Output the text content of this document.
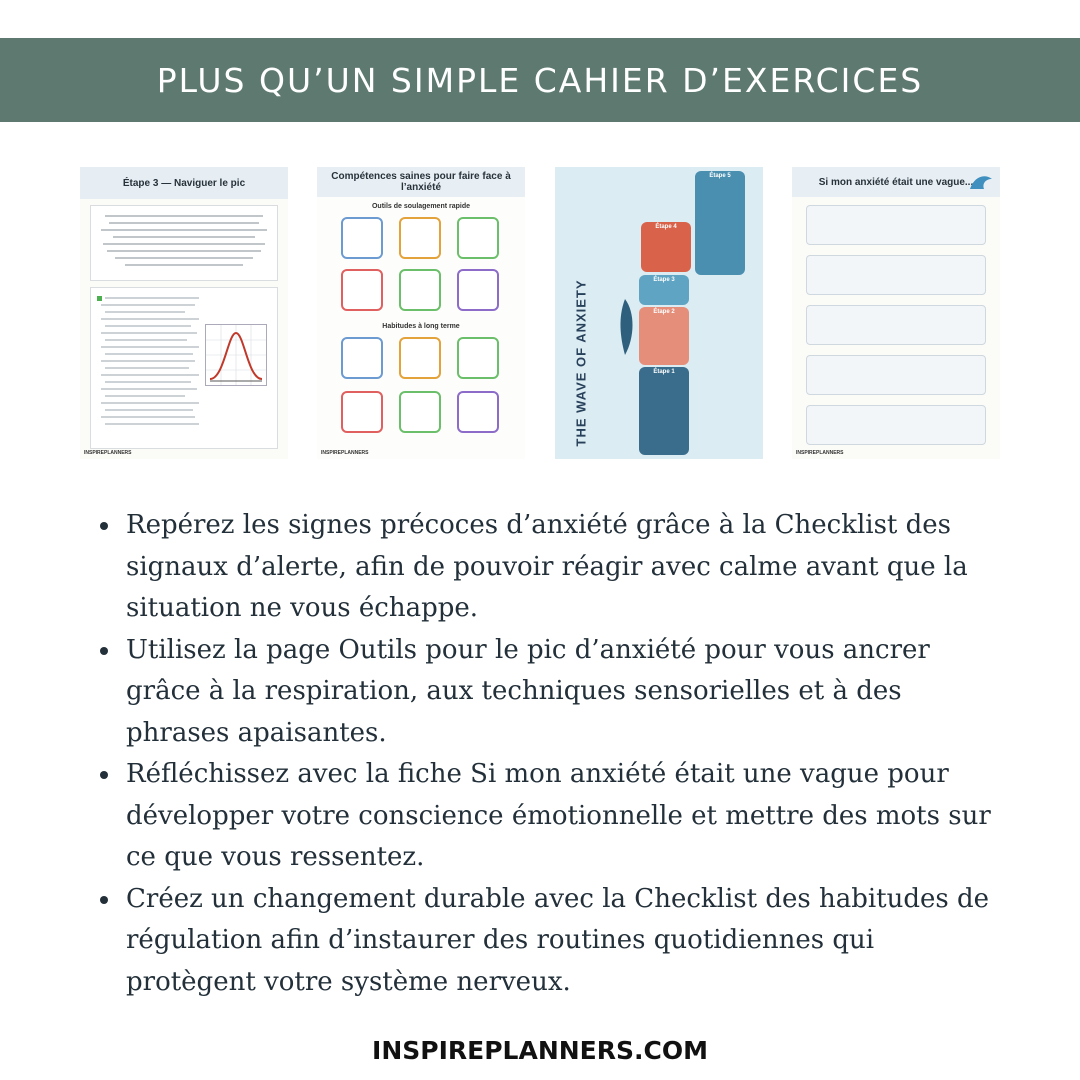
PLUS QU’UN SIMPLE CAHIER D’EXERCICES
Étape 3 — Naviguer le pic
INSPIREPLANNERS
Compétences saines pour faire face à l’anxiété
Outils de soulagement rapide
Habitudes à long terme
INSPIREPLANNERS
THE WAVE OF ANXIETY	Étape 1
Étape 2
Étape 3
Étape 4
Étape 5
Si mon anxiété était une vague...
INSPIREPLANNERS
Repérez les signes précoces d’anxiété grâce à la Checklist des signaux d’alerte, afin de pouvoir réagir avec calme avant que la situation ne vous échappe.
Utilisez la page Outils pour le pic d’anxiété pour vous ancrer grâce à la respiration, aux techniques sensorielles et à des phrases apaisantes.
Réfléchissez avec la fiche Si mon anxiété était une vague pour développer votre conscience émotionnelle et mettre des mots sur ce que vous ressentez.
Créez un changement durable avec la Checklist des habitudes de régulation afin d’instaurer des routines quotidiennes qui protègent votre système nerveux.
INSPIREPLANNERS.COM
